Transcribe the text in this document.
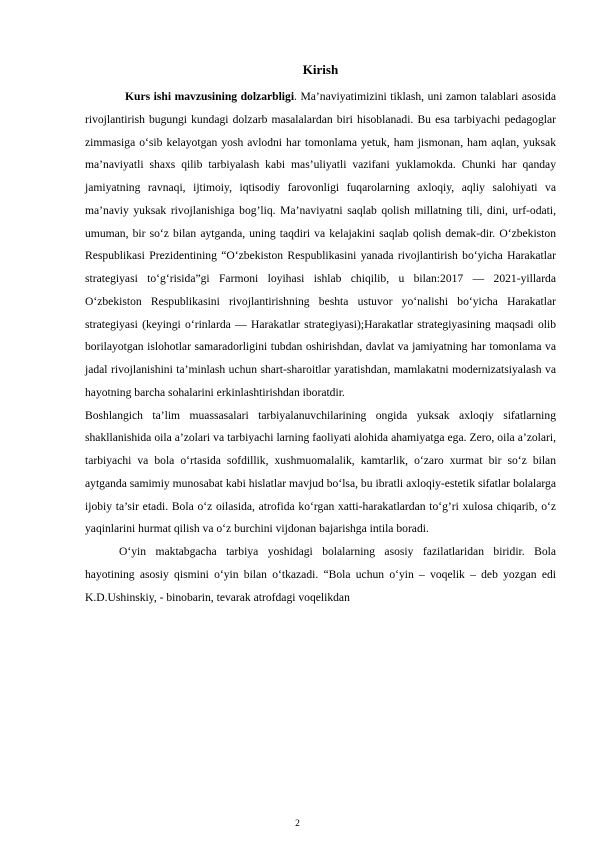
Kirish

Kurs ishi mavzusining dolzarbligi. Ma’naviyatimizini tiklash, uni zamon talablari asosida rivojlantirish bugungi kundagi dolzarb masalalardan biri hisoblanadi. Bu esa tarbiyachi pedagoglar zimmasiga o‘sib kelayotgan yosh avlodni har tomonlama yetuk, ham jismonan, ham aqlan, yuksak ma’naviyatli shaxs qilib tarbiyalash kabi mas’uliyatli vazifani yuklamokda. Chunki har qanday jamiyatning ravnaqi, ijtimoiy, iqtisodiy farovonligi fuqarolarning axloqiy, aqliy salohiyati va ma’naviy yuksak rivojlanishiga bog’liq. Ma’naviyatni saqlab qolish millatning tili, dini, urf-odati, umuman, bir so‘z bilan aytganda, uning taqdiri va kelajakini saqlab qolish demak-dir. O‘zbekiston Respublikasi Prezidentining “O‘zbekiston Respublikasini yanada rivojlantirish bo‘yicha Harakatlar strategiyasi to‘g‘risida”gi Farmoni loyihasi ishlab chiqilib, u bilan:2017 — 2021-yillarda O‘zbekiston Respublikasini rivojlantirishning beshta ustuvor yo‘nalishi bo‘yicha Harakatlar strategiyasi (keyingi o‘rinlarda — Harakatlar strategiyasi);Harakatlar strategiyasining maqsadi olib borilayotgan islohotlar samaradorligini tubdan oshirishdan, davlat va jamiyatning har tomonlama va jadal rivojlanishini ta’minlash uchun shart-sharoitlar yaratishdan, mamlakatni modernizatsiyalash va hayotning barcha sohalarini erkinlashtirishdan iboratdir.

Boshlangich ta’lim muassasalari tarbiyalanuvchilarining ongida yuksak axloqiy sifatlarning shakllanishida oila a’zolari va tarbiyachi larning faoliyati alohida ahamiyatga ega. Zero, oila a’zolari, tarbiyachi va bola o‘rtasida sofdillik, xushmuomalalik, kamtarlik, o‘zaro xurmat bir so‘z bilan aytganda samimiy munosabat kabi hislatlar mavjud bo‘lsa, bu ibratli axloqiy-estetik sifatlar bolalarga ijobiy ta’sir etadi. Bola o‘z oilasida, atrofida ko‘rgan xatti-harakatlardan to‘g’ri xulosa chiqarib, o‘z yaqinlarini hurmat qilish va o‘z burchini vijdonan bajarishga intila boradi.

O‘yin maktabgacha tarbiya yoshidagi bolalarning asosiy fazilatlaridan biridir. Bola hayotining asosiy qismini o‘yin bilan o‘tkazadi. “Bola uchun o‘yin – voqelik – deb yozgan edi K.D.Ushinskiy, - binobarin, tevarak atrofdagi voqelikdan

2
